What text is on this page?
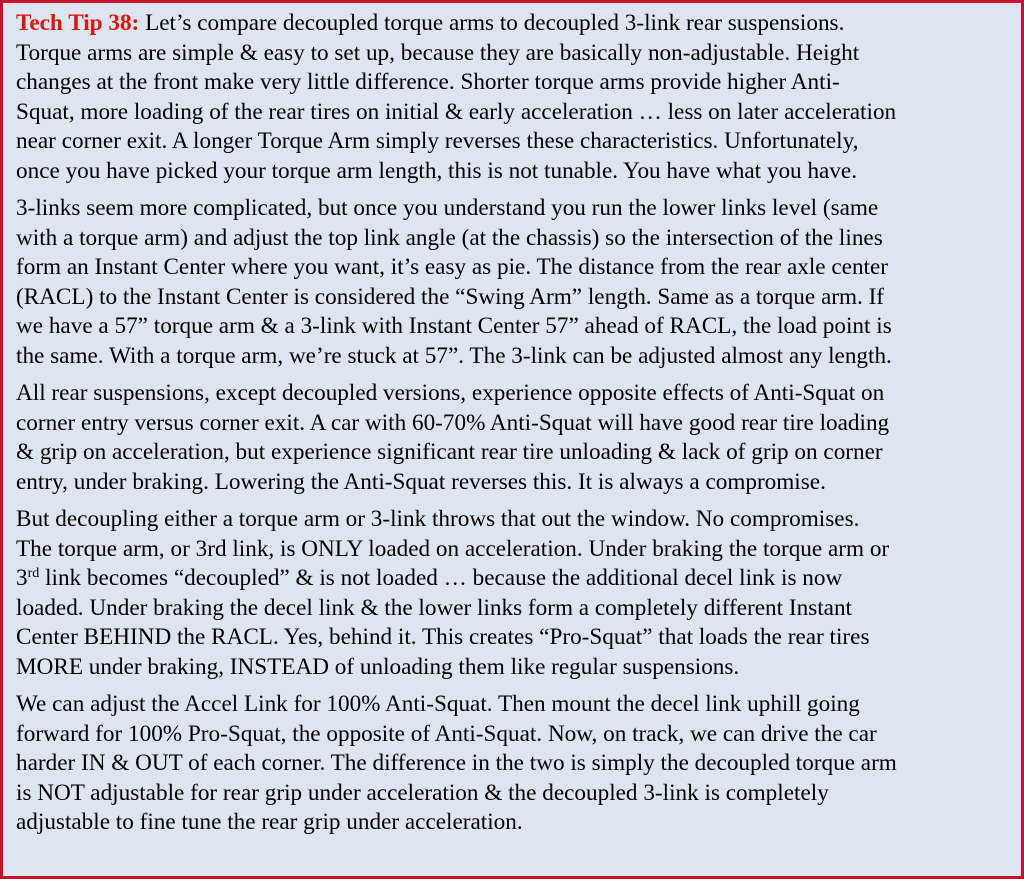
Tech Tip 38: Let’s compare decoupled torque arms to decoupled 3-link rear suspensions.
Torque arms are simple & easy to set up, because they are basically non-adjustable. Height
changes at the front make very little difference. Shorter torque arms provide higher Anti-
Squat, more loading of the rear tires on initial & early acceleration … less on later acceleration
near corner exit. A longer Torque Arm simply reverses these characteristics. Unfortunately,
once you have picked your torque arm length, this is not tunable. You have what you have.

3-links seem more complicated, but once you understand you run the lower links level (same
with a torque arm) and adjust the top link angle (at the chassis) so the intersection of the lines
form an Instant Center where you want, it’s easy as pie. The distance from the rear axle center
(RACL) to the Instant Center is considered the “Swing Arm” length. Same as a torque arm. If
we have a 57” torque arm & a 3-link with Instant Center 57” ahead of RACL, the load point is
the same. With a torque arm, we’re stuck at 57”. The 3-link can be adjusted almost any length.

All rear suspensions, except decoupled versions, experience opposite effects of Anti-Squat on
corner entry versus corner exit. A car with 60-70% Anti-Squat will have good rear tire loading
& grip on acceleration, but experience significant rear tire unloading & lack of grip on corner
entry, under braking. Lowering the Anti-Squat reverses this. It is always a compromise.

But decoupling either a torque arm or 3-link throws that out the window. No compromises.
The torque arm, or 3rd link, is ONLY loaded on acceleration. Under braking the torque arm or
3rd link becomes “decoupled” & is not loaded … because the additional decel link is now
loaded. Under braking the decel link & the lower links form a completely different Instant
Center BEHIND the RACL. Yes, behind it. This creates “Pro-Squat” that loads the rear tires
MORE under braking, INSTEAD of unloading them like regular suspensions.

We can adjust the Accel Link for 100% Anti-Squat. Then mount the decel link uphill going
forward for 100% Pro-Squat, the opposite of Anti-Squat. Now, on track, we can drive the car
harder IN & OUT of each corner. The difference in the two is simply the decoupled torque arm
is NOT adjustable for rear grip under acceleration & the decoupled 3-link is completely
adjustable to fine tune the rear grip under acceleration.
